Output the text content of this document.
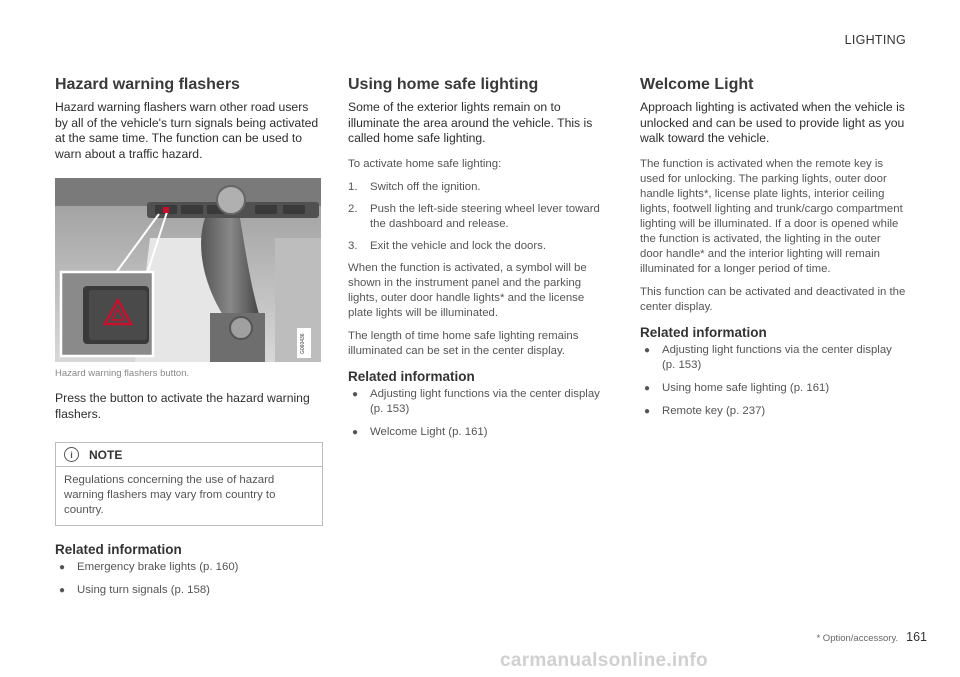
LIGHTING
Hazard warning flashers

Hazard warning flashers warn other road users by all of the vehicle's turn signals being activated at the same time. The function can be used to warn about a traffic hazard.

G060436
Hazard warning flashers button.

Press the button to activate the hazard warning flashers.

i	NOTE
Regulations concerning the use of hazard warning flashers may vary from country to country.
Related information
● Emergency brake lights (p. 160)
● Using turn signals (p. 158)
Using home safe lighting

Some of the exterior lights remain on to illuminate the area around the vehicle. This is called home safe lighting.

To activate home safe lighting:

1. Switch off the ignition.
2. Push the left-side steering wheel lever toward the dashboard and release.
3. Exit the vehicle and lock the doors.

When the function is activated, a symbol will be shown in the instrument panel and the parking lights, outer door handle lights* and the license plate lights will be illuminated.

The length of time home safe lighting remains illuminated can be set in the center display.

Related information
● Adjusting light functions via the center display (p. 153)
● Welcome Light (p. 161)
Welcome Light

Approach lighting is activated when the vehicle is unlocked and can be used to provide light as you walk toward the vehicle.

The function is activated when the remote key is used for unlocking. The parking lights, outer door handle lights*, license plate lights, interior ceiling lights, footwell lighting and trunk/cargo compartment lighting will be illuminated. If a door is opened while the function is activated, the lighting in the outer door handle* and the interior lighting will remain illuminated for a longer period of time.

This function can be activated and deactivated in the center display.

Related information
● Adjusting light functions via the center display (p. 153)
● Using home safe lighting (p. 161)
● Remote key (p. 237)
* Option/accessory. 161
carmanualsonline.info
